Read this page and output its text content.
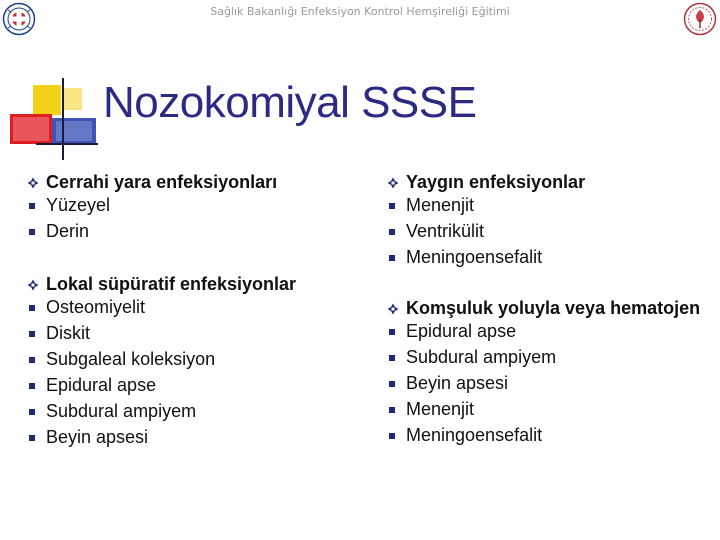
Sağlık Bakanlığı Enfeksiyon Kontrol Hemşireliği Eğitimi
Nozokomiyal SSSE
Cerrahi yara enfeksiyonları
Yüzeyel
Derin
Lokal süpüratif enfeksiyonlar
Osteomiyelit
Diskit
Subgaleal koleksiyon
Epidural apse
Subdural ampiyem
Beyin apsesi
Yaygın enfeksiyonlar
Menenjit
Ventrikülit
Meningoensefalit
Komşuluk yoluyla veya hematojen
Epidural apse
Subdural ampiyem
Beyin apsesi
Menenjit
Meningoensefalit
